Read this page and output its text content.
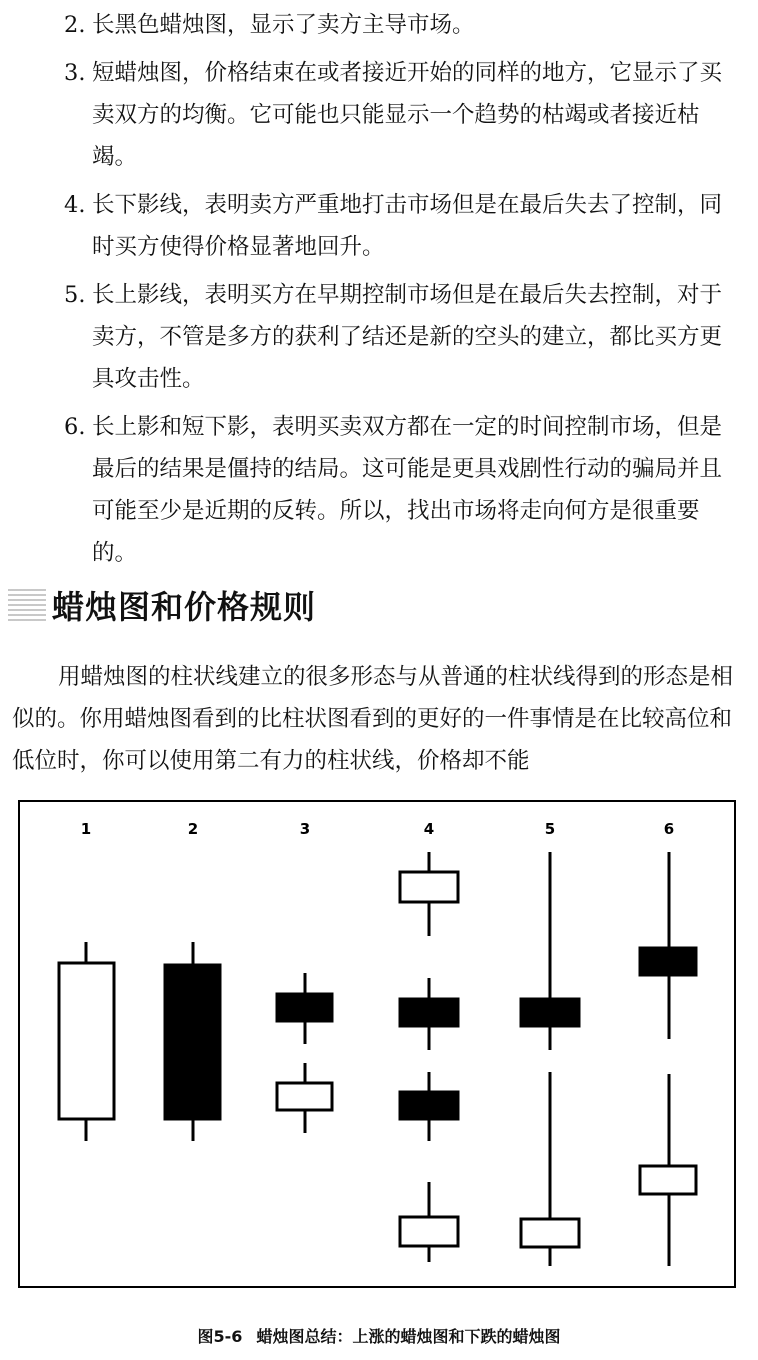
2. 长黑色蜡烛图，显示了卖方主导市场。
3. 短蜡烛图，价格结束在或者接近开始的同样的地方，它显示了买卖双方的均衡。它可能也只能显示一个趋势的枯竭或者接近枯竭。
4. 长下影线，表明卖方严重地打击市场但是在最后失去了控制，同时买方使得价格显著地回升。
5. 长上影线，表明买方在早期控制市场但是在最后失去控制，对于卖方，不管是多方的获利了结还是新的空头的建立，都比买方更具攻击性。
6. 长上影和短下影，表明买卖双方都在一定的时间控制市场，但是最后的结果是僵持的结局。这可能是更具戏剧性行动的骗局并且可能至少是近期的反转。所以，找出市场将走向何方是很重要的。
蜡烛图和价格规则
用蜡烛图的柱状线建立的很多形态与从普通的柱状线得到的形态是相似的。你用蜡烛图看到的比柱状图看到的更好的一件事情是在比较高位和低位时，你可以使用第二有力的柱状线，价格却不能
1	2	3	4	5	6
图5-6 蜡烛图总结：上涨的蜡烛图和下跌的蜡烛图
